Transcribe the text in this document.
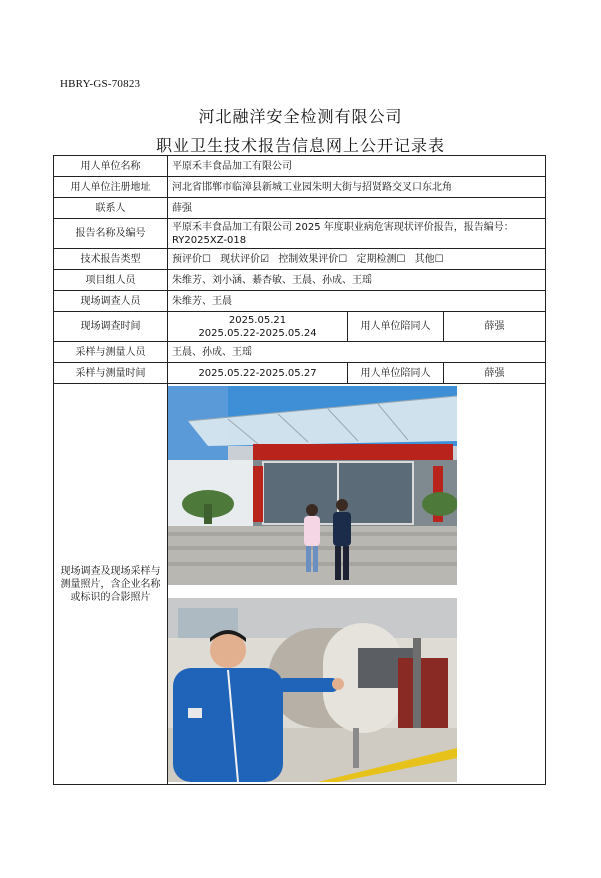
HBRY-GS-70823
河北融洋安全检测有限公司
职业卫生技术报告信息网上公开记录表
用人单位名称	平原禾丰食品加工有限公司		
用人单位注册地址	河北省邯郸市临漳县新城工业园朱明大街与招贤路交叉口东北角		
联系人	薛强		
报告名称及编号	平原禾丰食品加工有限公司 2025 年度职业病危害现状评价报告，报告编号：
RY2025XZ-018		

技术报告类型	预评价☐ 现状评价☑ 控制效果评价☐ 定期检测☐ 其他☐		
项目组人员	朱维芳、刘小涵、綦杏敏、王晨、孙成、王瑶		
现场调查人员	朱维芳、王晨		
现场调查时间	2025.05.21
2025.05.22-2025.05.24	用人单位陪同人	薛强
采样与测量人员	王晨、孙成、王瑶		
采样与测量时间	2025.05.22-2025.05.27	用人单位陪同人	薛强
现场调查及现场采样与测量照片，含企业名称或标识的合影照片	
